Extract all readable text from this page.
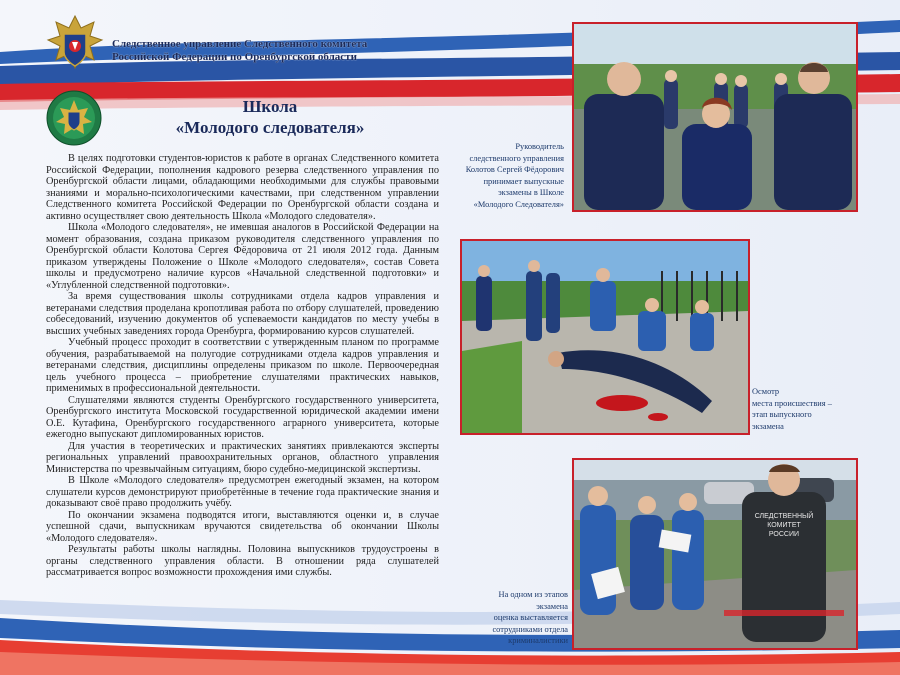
Следственное управление Следственного комитета
Российской Федерации по Оренбургской области
Школа
«Молодого следователя»

В целях подготовки студентов-юристов к работе в органах Следственного комитета Российской Федерации, пополнения кадрового резерва следственного управления по Оренбургской области лицами, обладающими необходимыми для службы правовыми знаниями и морально-психологическими качествами, при следственном управлении Следственного комитета Российской Федерации по Оренбургской области создана и активно осуществляет свою деятельность Школа «Молодого следователя».

Школа «Молодого следователя», не имевшая аналогов в Российской Федерации на момент образования, создана приказом руководителя следственного управления по Оренбургской области Колотова Сергея Фёдоровича от 21 июля 2012 года. Данным приказом утверждены Положение о Школе «Молодого следователя», состав Совета школы и предусмотрено наличие курсов «Начальной следственной подготовки» и «Углубленной следственной подготовки».

За время существования школы сотрудниками отдела кадров управления и ветеранами следствия проделана кропотливая работа по отбору слушателей, проведению собеседований, изучению документов об успеваемости кандидатов по месту учебы в высших учебных заведениях города Оренбурга, формированию курсов слушателей.

Учебный процесс проходит в соответствии с утвержденным планом по программе обучения, разрабатываемой на полугодие сотрудниками отдела кадров управления и ветеранами следствия, дисциплины определены приказом по школе. Первоочередная цель учебного процесса – приобретение слушателями практических навыков, применимых в профессиональной деятельности.

Слушателями являются студенты Оренбургского государственного университета, Оренбургского института Московской государственной юридической академии имени О.Е. Кутафина, Оренбургского государственного аграрного университета, которые ежегодно выпускают дипломированных юристов.

Для участия в теоретических и практических занятиях привлекаются эксперты региональных управлений правоохранительных органов, областного управления Министерства по чрезвычайным ситуациям, бюро судебно-медицинской экспертизы.

В Школе «Молодого следователя» предусмотрен ежегодный экзамен, на котором слушатели курсов демонстрируют приобретённые в течение года практические знания и доказывают своё право продолжить учёбу.

По окончании экзамена подводятся итоги, выставляются оценки и, в случае успешной сдачи, выпускникам вручаются свидетельства об окончании Школы «Молодого следователя».

Результаты работы школы наглядны. Половина выпускников трудоустроены в органы следственного управления области. В отношении ряда слушателей рассматривается вопрос возможности прохождения ими службы.

Руководитель
следственного управления
Колотов Сергей Фёдорович
принимает выпускные
экзамены в Школе
«Молодого Следователя»
Осмотр
места происшествия –
этап выпускного
экзамена
СЛЕДСТВЕННЫЙ
КОМИТЕТ
РОССИИ
На одном из этапов
экзамена
оценка выставляется
сотрудниками отдела
криминалистики
